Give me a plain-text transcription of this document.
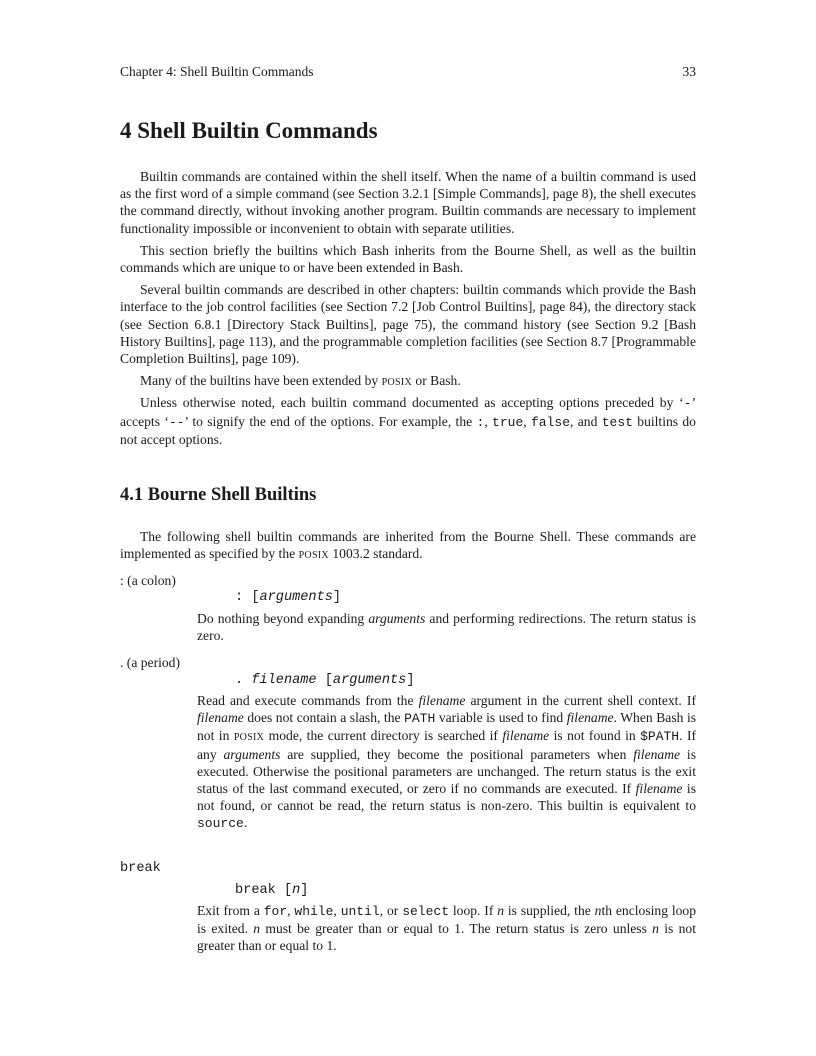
Chapter 4: Shell Builtin Commands	33
4 Shell Builtin Commands

Builtin commands are contained within the shell itself. When the name of a builtin command is used as the first word of a simple command (see Section 3.2.1 [Simple Commands], page 8), the shell executes the command directly, without invoking another program. Builtin commands are necessary to implement functionality impossible or inconvenient to obtain with separate utilities.

This section briefly the builtins which Bash inherits from the Bourne Shell, as well as the builtin commands which are unique to or have been extended in Bash.

Several builtin commands are described in other chapters: builtin commands which provide the Bash interface to the job control facilities (see Section 7.2 [Job Control Builtins], page 84), the directory stack (see Section 6.8.1 [Directory Stack Builtins], page 75), the command history (see Section 9.2 [Bash History Builtins], page 113), and the programmable completion facilities (see Section 8.7 [Programmable Completion Builtins], page 109).

Many of the builtins have been extended by posix or Bash.

Unless otherwise noted, each builtin command documented as accepting options preceded by ‘-’ accepts ‘--’ to signify the end of the options. For example, the :, true, false, and test builtins do not accept options.

4.1 Bourne Shell Builtins

The following shell builtin commands are inherited from the Bourne Shell. These commands are implemented as specified by the posix 1003.2 standard.

: (a colon)
: [arguments]

Do nothing beyond expanding arguments and performing redirections. The return status is zero.

. (a period)
. filename [arguments]

Read and execute commands from the filename argument in the current shell context. If filename does not contain a slash, the PATH variable is used to find filename. When Bash is not in posix mode, the current directory is searched if filename is not found in $PATH. If any arguments are supplied, they become the positional parameters when filename is executed. Otherwise the positional parameters are unchanged. The return status is the exit status of the last command executed, or zero if no commands are executed. If filename is not found, or cannot be read, the return status is non-zero. This builtin is equivalent to source.

break
break [n]

Exit from a for, while, until, or select loop. If n is supplied, the nth enclosing loop is exited. n must be greater than or equal to 1. The return status is zero unless n is not greater than or equal to 1.
